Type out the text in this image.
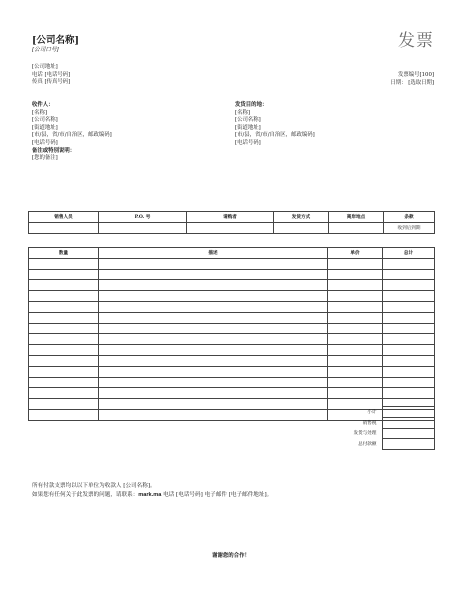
[公司名称]
[公司口号]	发票
[公司地址]
电话 [电话号码]
传真 [传真号码]
发票编号[100]
日期： [选取日期]
收件人：
[名称]
[公司名称]
[街道地址]
[市/县，省/市/自治区，邮政编码]
[电话号码]
备注或特别说明：
[您的备注]
发货目的地：
[名称]
[公司名称]
[街道地址]
[市/县，省/市/自治区，邮政编码]
[电话号码]
销售人员	P.O. 号	请购者	发货方式	离岸地点	条款
					收到后到期
数量	描述	单价	总计

小计	
销售税	
发货与处理	
总付款额	
所有付款支票均以以下单位为收款人 [公司名称]。
如果您有任何关于此发票的问题，请联系：mark.ma 电话 [电话号码] 电子邮件 [电子邮件地址]。
谢谢您的合作！
